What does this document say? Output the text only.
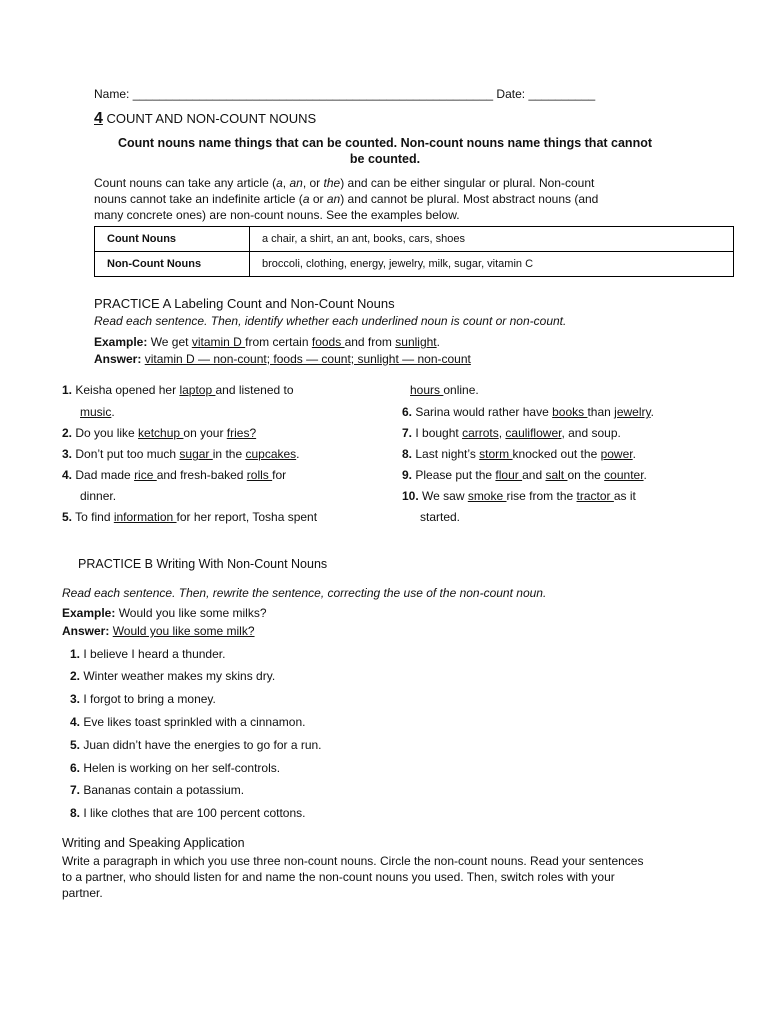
Name: ______________________________________________________ Date: __________
4 COUNT AND NON-COUNT NOUNS
Count nouns name things that can be counted. Non-count nouns name things that cannot
be counted.
Count nouns can take any article (a, an, or the) and can be either singular or plural. Non-count
nouns cannot take an indefinite article (a or an) and cannot be plural. Most abstract nouns (and
many concrete ones) are non-count nouns. See the examples below.
Count Nouns	a chair, a shirt, an ant, books, cars, shoes
Non-Count Nouns	broccoli, clothing, energy, jewelry, milk, sugar, vitamin C
PRACTICE A Labeling Count and Non-Count Nouns
Read each sentence. Then, identify whether each underlined noun is count or non-count.
Example: We get vitamin D from certain foods and from sunlight.
Answer: vitamin D — non-count; foods — count; sunlight — non-count
1. Keisha opened her laptop and listened to
music.
2. Do you like ketchup on your fries?
3. Don’t put too much sugar in the cupcakes.
4. Dad made rice and fresh-baked rolls for
dinner.
5. To find information for her report, Tosha spent
hours online.
6. Sarina would rather have books than jewelry.
7. I bought carrots, cauliflower, and soup.
8. Last night’s storm knocked out the power.
9. Please put the flour and salt on the counter.
10. We saw smoke rise from the tractor as it
started.
PRACTICE B Writing With Non-Count Nouns
Read each sentence. Then, rewrite the sentence, correcting the use of the non-count noun.
Example: Would you like some milks?
Answer: Would you like some milk?
1. I believe I heard a thunder.
2. Winter weather makes my skins dry.
3. I forgot to bring a money.
4. Eve likes toast sprinkled with a cinnamon.
5. Juan didn’t have the energies to go for a run.
6. Helen is working on her self-controls.
7. Bananas contain a potassium.
8. I like clothes that are 100 percent cottons.
Writing and Speaking Application
Write a paragraph in which you use three non-count nouns. Circle the non-count nouns. Read your sentences
to a partner, who should listen for and name the non-count nouns you used. Then, switch roles with your
partner.
